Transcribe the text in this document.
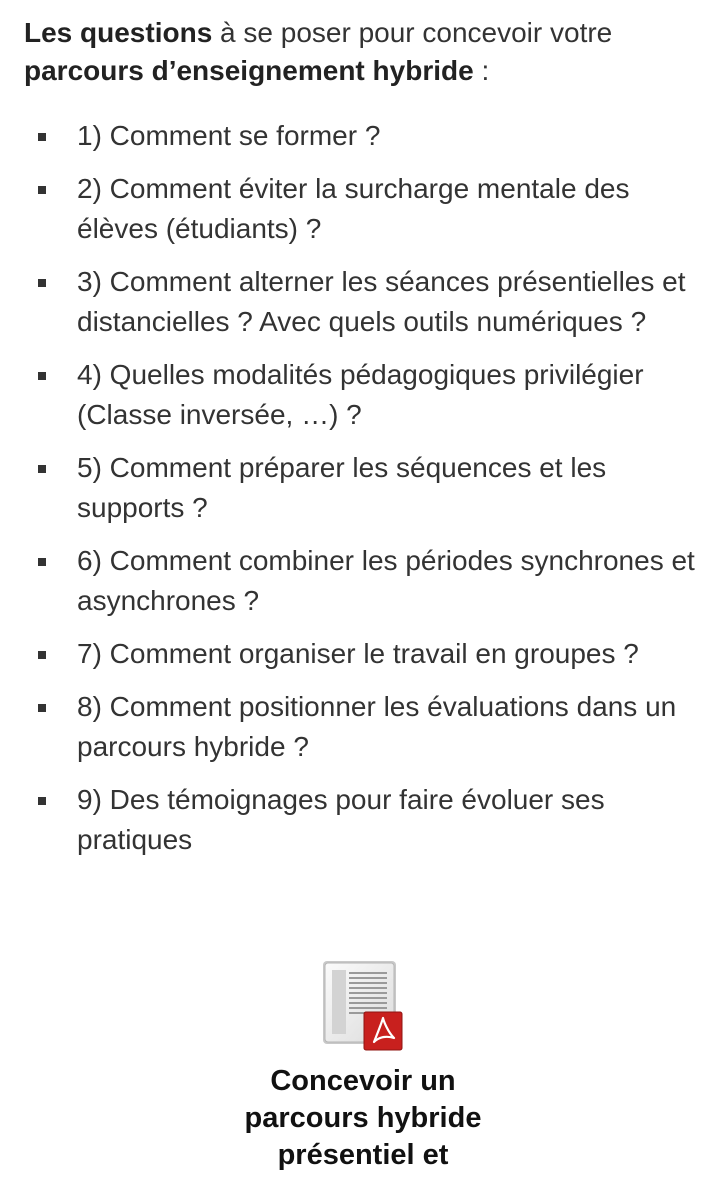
Les questions à se poser pour concevoir votre parcours d’enseignement hybride :
1) Comment se former ?
2) Comment éviter la surcharge mentale des élèves (étudiants) ?
3) Comment alterner les séances présentielles et distancielles ? Avec quels outils numériques ?
4) Quelles modalités pédagogiques privilégier (Classe inversée, …) ?
5) Comment préparer les séquences et les supports ?
6) Comment combiner les périodes synchrones et asynchrones ?
7) Comment organiser le travail en groupes ?
8) Comment positionner les évaluations dans un parcours hybride ?
9) Des témoignages pour faire évoluer ses pratiques
Concevoir un parcours hybride présentiel et
